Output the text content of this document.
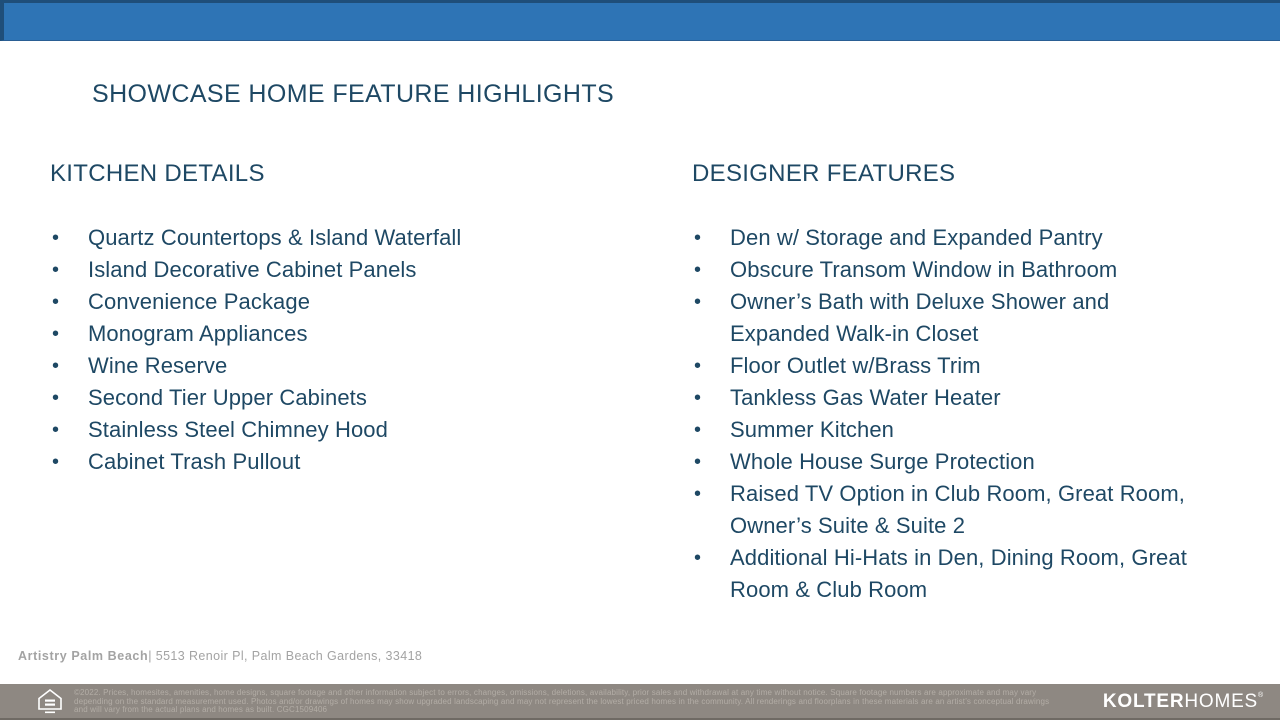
SHOWCASE HOME FEATURE HIGHLIGHTS
KITCHEN DETAILS
• Quartz Countertops & Island Waterfall
• Island Decorative Cabinet Panels
• Convenience Package
• Monogram Appliances
• Wine Reserve
• Second Tier Upper Cabinets
• Stainless Steel Chimney Hood
• Cabinet Trash Pullout
DESIGNER FEATURES
• Den w/ Storage and Expanded Pantry
• Obscure Transom Window in Bathroom
• Owner’s Bath with Deluxe Shower and Expanded Walk-in Closet
• Floor Outlet w/Brass Trim
• Tankless Gas Water Heater
• Summer Kitchen
• Whole House Surge Protection
• Raised TV Option in Club Room, Great Room, Owner’s Suite & Suite 2
• Additional Hi-Hats in Den, Dining Room, Great Room & Club Room
Artistry Palm Beach| 5513 Renoir Pl, Palm Beach Gardens, 33418
©2022. Prices, homesites, amenities, home designs, square footage and other information subject to errors, changes, omissions, deletions, availability, prior sales and withdrawal at any time without notice. Square footage numbers are approximate and may vary
depending on the standard measurement used. Photos and/or drawings of homes may show upgraded landscaping and may not represent the lowest priced homes in the community. All renderings and floorplans in these materials are an artist’s conceptual drawings
and will vary from the actual plans and homes as built. CGC1509406	KOLTERHOMES®
